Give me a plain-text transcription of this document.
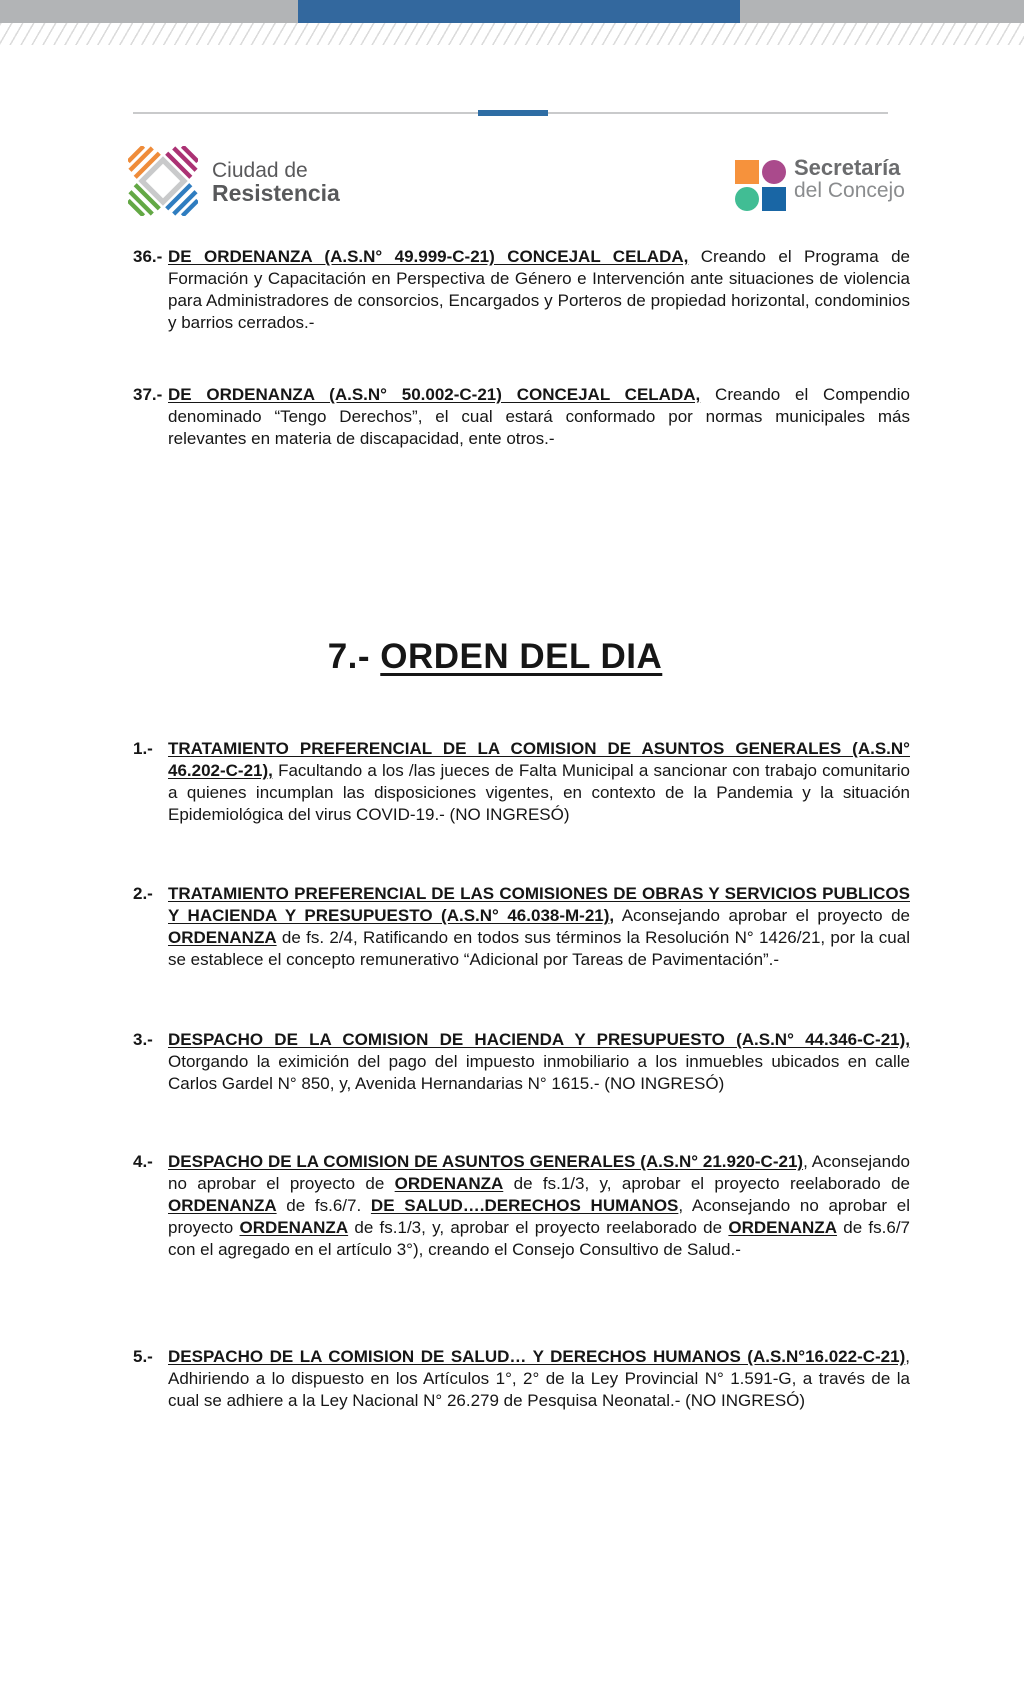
Ciudad de
Resistencia
Secretaría
del Concejo
36.- DE ORDENANZA (A.S.N° 49.999-C-21) CONCEJAL CELADA, Creando el Programa de Formación y Capacitación en Perspectiva de Género e Intervención ante situaciones de violencia para Administradores de consorcios, Encargados y Porteros de propiedad horizontal, condominios y barrios cerrados.-
37.- DE ORDENANZA (A.S.N° 50.002-C-21) CONCEJAL CELADA, Creando el Compendio denominado “Tengo Derechos”, el cual estará conformado por normas municipales más relevantes en materia de discapacidad, ente otros.-
7.- ORDEN DEL DIA
1.- TRATAMIENTO PREFERENCIAL DE LA COMISION DE ASUNTOS GENERALES (A.S.N° 46.202-C-21), Facultando a los /las jueces de Falta Municipal a sancionar con trabajo comunitario a quienes incumplan las disposiciones vigentes, en contexto de la Pandemia y la situación Epidemiológica del virus COVID-19.- (NO INGRESÓ)
2.- TRATAMIENTO PREFERENCIAL DE LAS COMISIONES DE OBRAS Y SERVICIOS PUBLICOS Y HACIENDA Y PRESUPUESTO (A.S.N° 46.038-M-21), Aconsejando aprobar el proyecto de ORDENANZA de fs. 2/4, Ratificando en todos sus términos la Resolución N° 1426/21, por la cual se establece el concepto remunerativo “Adicional por Tareas de Pavimentación”.-
3.- DESPACHO DE LA COMISION DE HACIENDA Y PRESUPUESTO (A.S.N° 44.346-C-21), Otorgando la eximición del pago del impuesto inmobiliario a los inmuebles ubicados en calle Carlos Gardel N° 850, y, Avenida Hernandarias N° 1615.- (NO INGRESÓ)
4.- DESPACHO DE LA COMISION DE ASUNTOS GENERALES (A.S.N° 21.920-C-21), Aconsejando no aprobar el proyecto de ORDENANZA de fs.1/3, y, aprobar el proyecto reelaborado de ORDENANZA de fs.6/7. DE SALUD….DERECHOS HUMANOS, Aconsejando no aprobar el proyecto ORDENANZA de fs.1/3, y, aprobar el proyecto reelaborado de ORDENANZA de fs.6/7 con el agregado en el artículo 3°), creando el Consejo Consultivo de Salud.-
5.- DESPACHO DE LA COMISION DE SALUD… Y DERECHOS HUMANOS (A.S.N°16.022-C-21), Adhiriendo a lo dispuesto en los Artículos 1°, 2° de la Ley Provincial N° 1.591-G, a través de la cual se adhiere a la Ley Nacional N° 26.279 de Pesquisa Neonatal.- (NO INGRESÓ)
